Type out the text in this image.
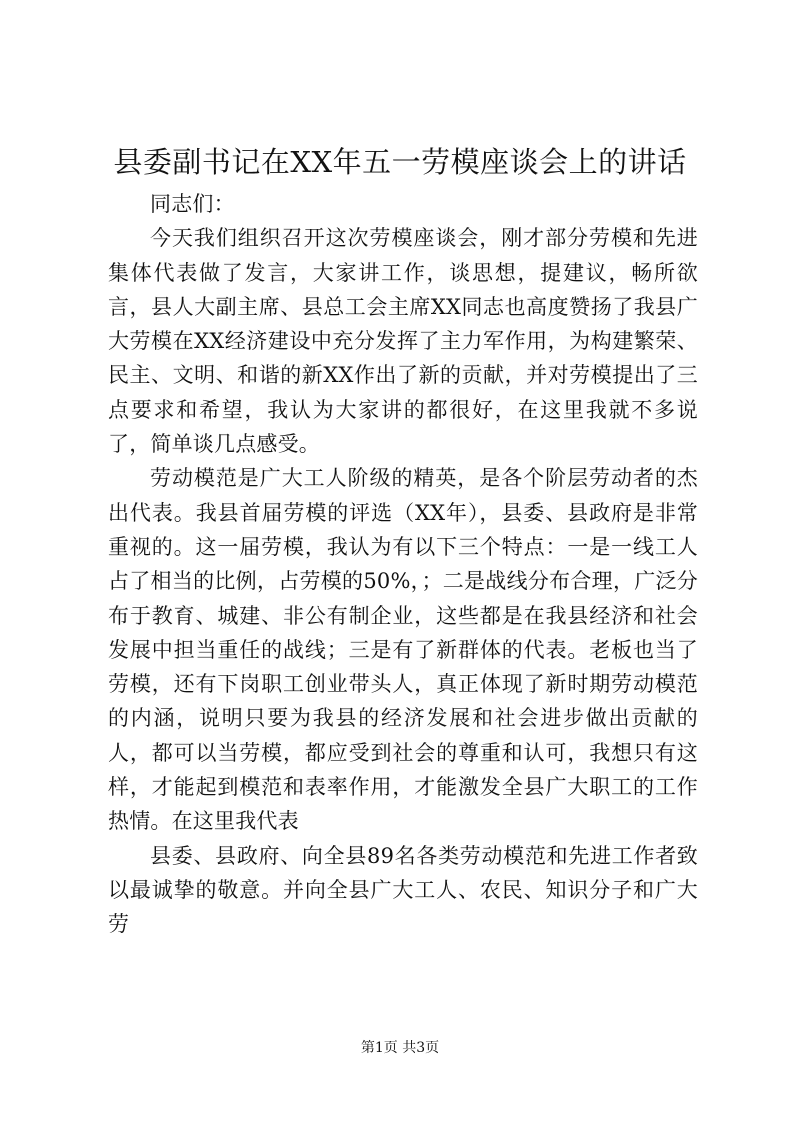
县委副书记在XX年五一劳模座谈会上的讲话

同志们：

今天我们组织召开这次劳模座谈会，刚才部分劳模和先进集体代表做了发言，大家讲工作，谈思想，提建议，畅所欲言，县人大副主席、县总工会主席XX同志也高度赞扬了我县广大劳模在XX经济建设中充分发挥了主力军作用，为构建繁荣、民主、文明、和谐的新XX作出了新的贡献，并对劳模提出了三点要求和希望，我认为大家讲的都很好，在这里我就不多说了，简单谈几点感受。

劳动模范是广大工人阶级的精英，是各个阶层劳动者的杰出代表。我县首届劳模的评选（XX年），县委、县政府是非常重视的。这一届劳模，我认为有以下三个特点：一是一线工人占了相当的比例，占劳模的50%，；二是战线分布合理，广泛分布于教育、城建、非公有制企业，这些都是在我县经济和社会发展中担当重任的战线；三是有了新群体的代表。老板也当了劳模，还有下岗职工创业带头人，真正体现了新时期劳动模范的内涵，说明只要为我县的经济发展和社会进步做出贡献的人，都可以当劳模，都应受到社会的尊重和认可，我想只有这样，才能起到模范和表率作用，才能激发全县广大职工的工作热情。在这里我代表

县委、县政府、向全县89名各类劳动模范和先进工作者致以最诚挚的敬意。并向全县广大工人、农民、知识分子和广大劳

第1页 共3页
